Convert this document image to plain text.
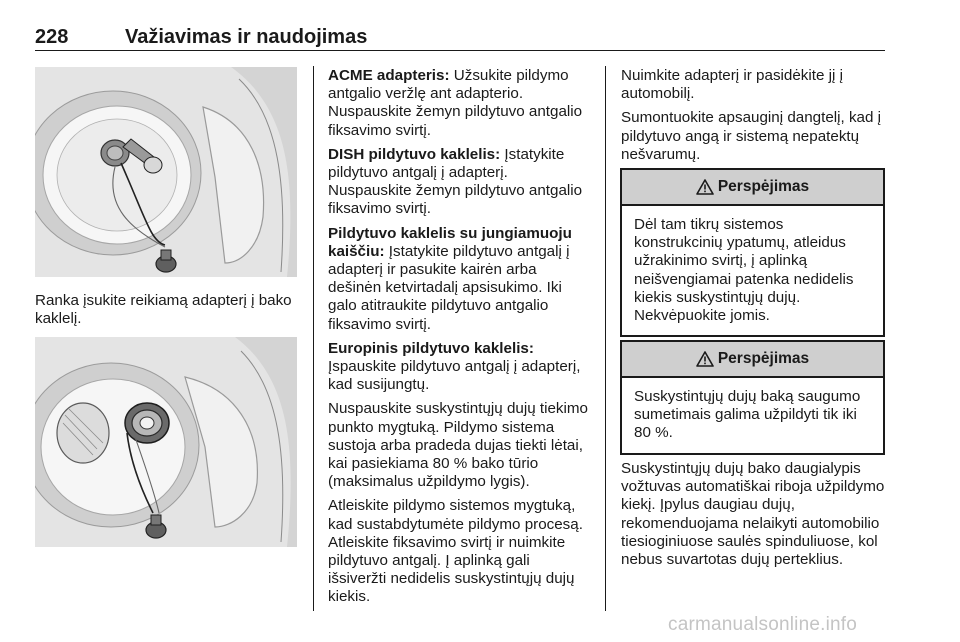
228	Važiavimas ir naudojimas

Ranka įsukite reikiamą adapterį į bako kaklelį.

ACME adapteris: Užsukite pildymo antgalio veržlę ant adapterio. Nuspauskite žemyn pildytuvo antgalio fiksavimo svirtį.

DISH pildytuvo kaklelis: Įstatykite pildytuvo antgalį į adapterį. Nuspauskite žemyn pildytuvo antgalio fiksavimo svirtį.

Pildytuvo kaklelis su jungiamuoju kaiščiu: Įstatykite pildytuvo antgalį į adapterį ir pasukite kairėn arba dešinėn ketvirtadalį apsisukimo. Iki galo atitraukite pildytuvo antgalio fiksavimo svirtį.

Europinis pildytuvo kaklelis: Įspauskite pildytuvo antgalį į adapterį, kad susijungtų.

Nuspauskite suskystintųjų dujų tiekimo punkto mygtuką. Pildymo sistema sustoja arba pradeda dujas tiekti lėtai, kai pasiekiama 80 % bako tūrio (maksimalus užpildymo lygis).

Atleiskite pildymo sistemos mygtuką, kad sustabdytumėte pildymo procesą. Atleiskite fiksavimo svirtį ir nuimkite pildytuvo antgalį. Į aplinką gali išsiveržti nedidelis suskystintųjų dujų kiekis.

Nuimkite adapterį ir pasidėkite jį į automobilį.

Sumontuokite apsauginį dangtelį, kad į pildytuvo angą ir sistemą nepatektų nešvarumų.

Perspėjimas
Dėl tam tikrų sistemos konstrukcinių ypatumų, atleidus užrakinimo svirtį, į aplinką neišvengiamai patenka nedidelis kiekis suskystintųjų dujų. Nekvėpuokite jomis.
Perspėjimas
Suskystintųjų dujų baką saugumo sumetimais galima užpildyti tik iki 80 %.

Suskystintųjų dujų bako daugialypis vožtuvas automatiškai riboja užpildymo kiekį. Įpylus daugiau dujų, rekomenduojama nelaikyti automobilio tiesioginiuose saulės spinduliuose, kol nebus suvartotas dujų perteklius.

carmanualsonline.info
